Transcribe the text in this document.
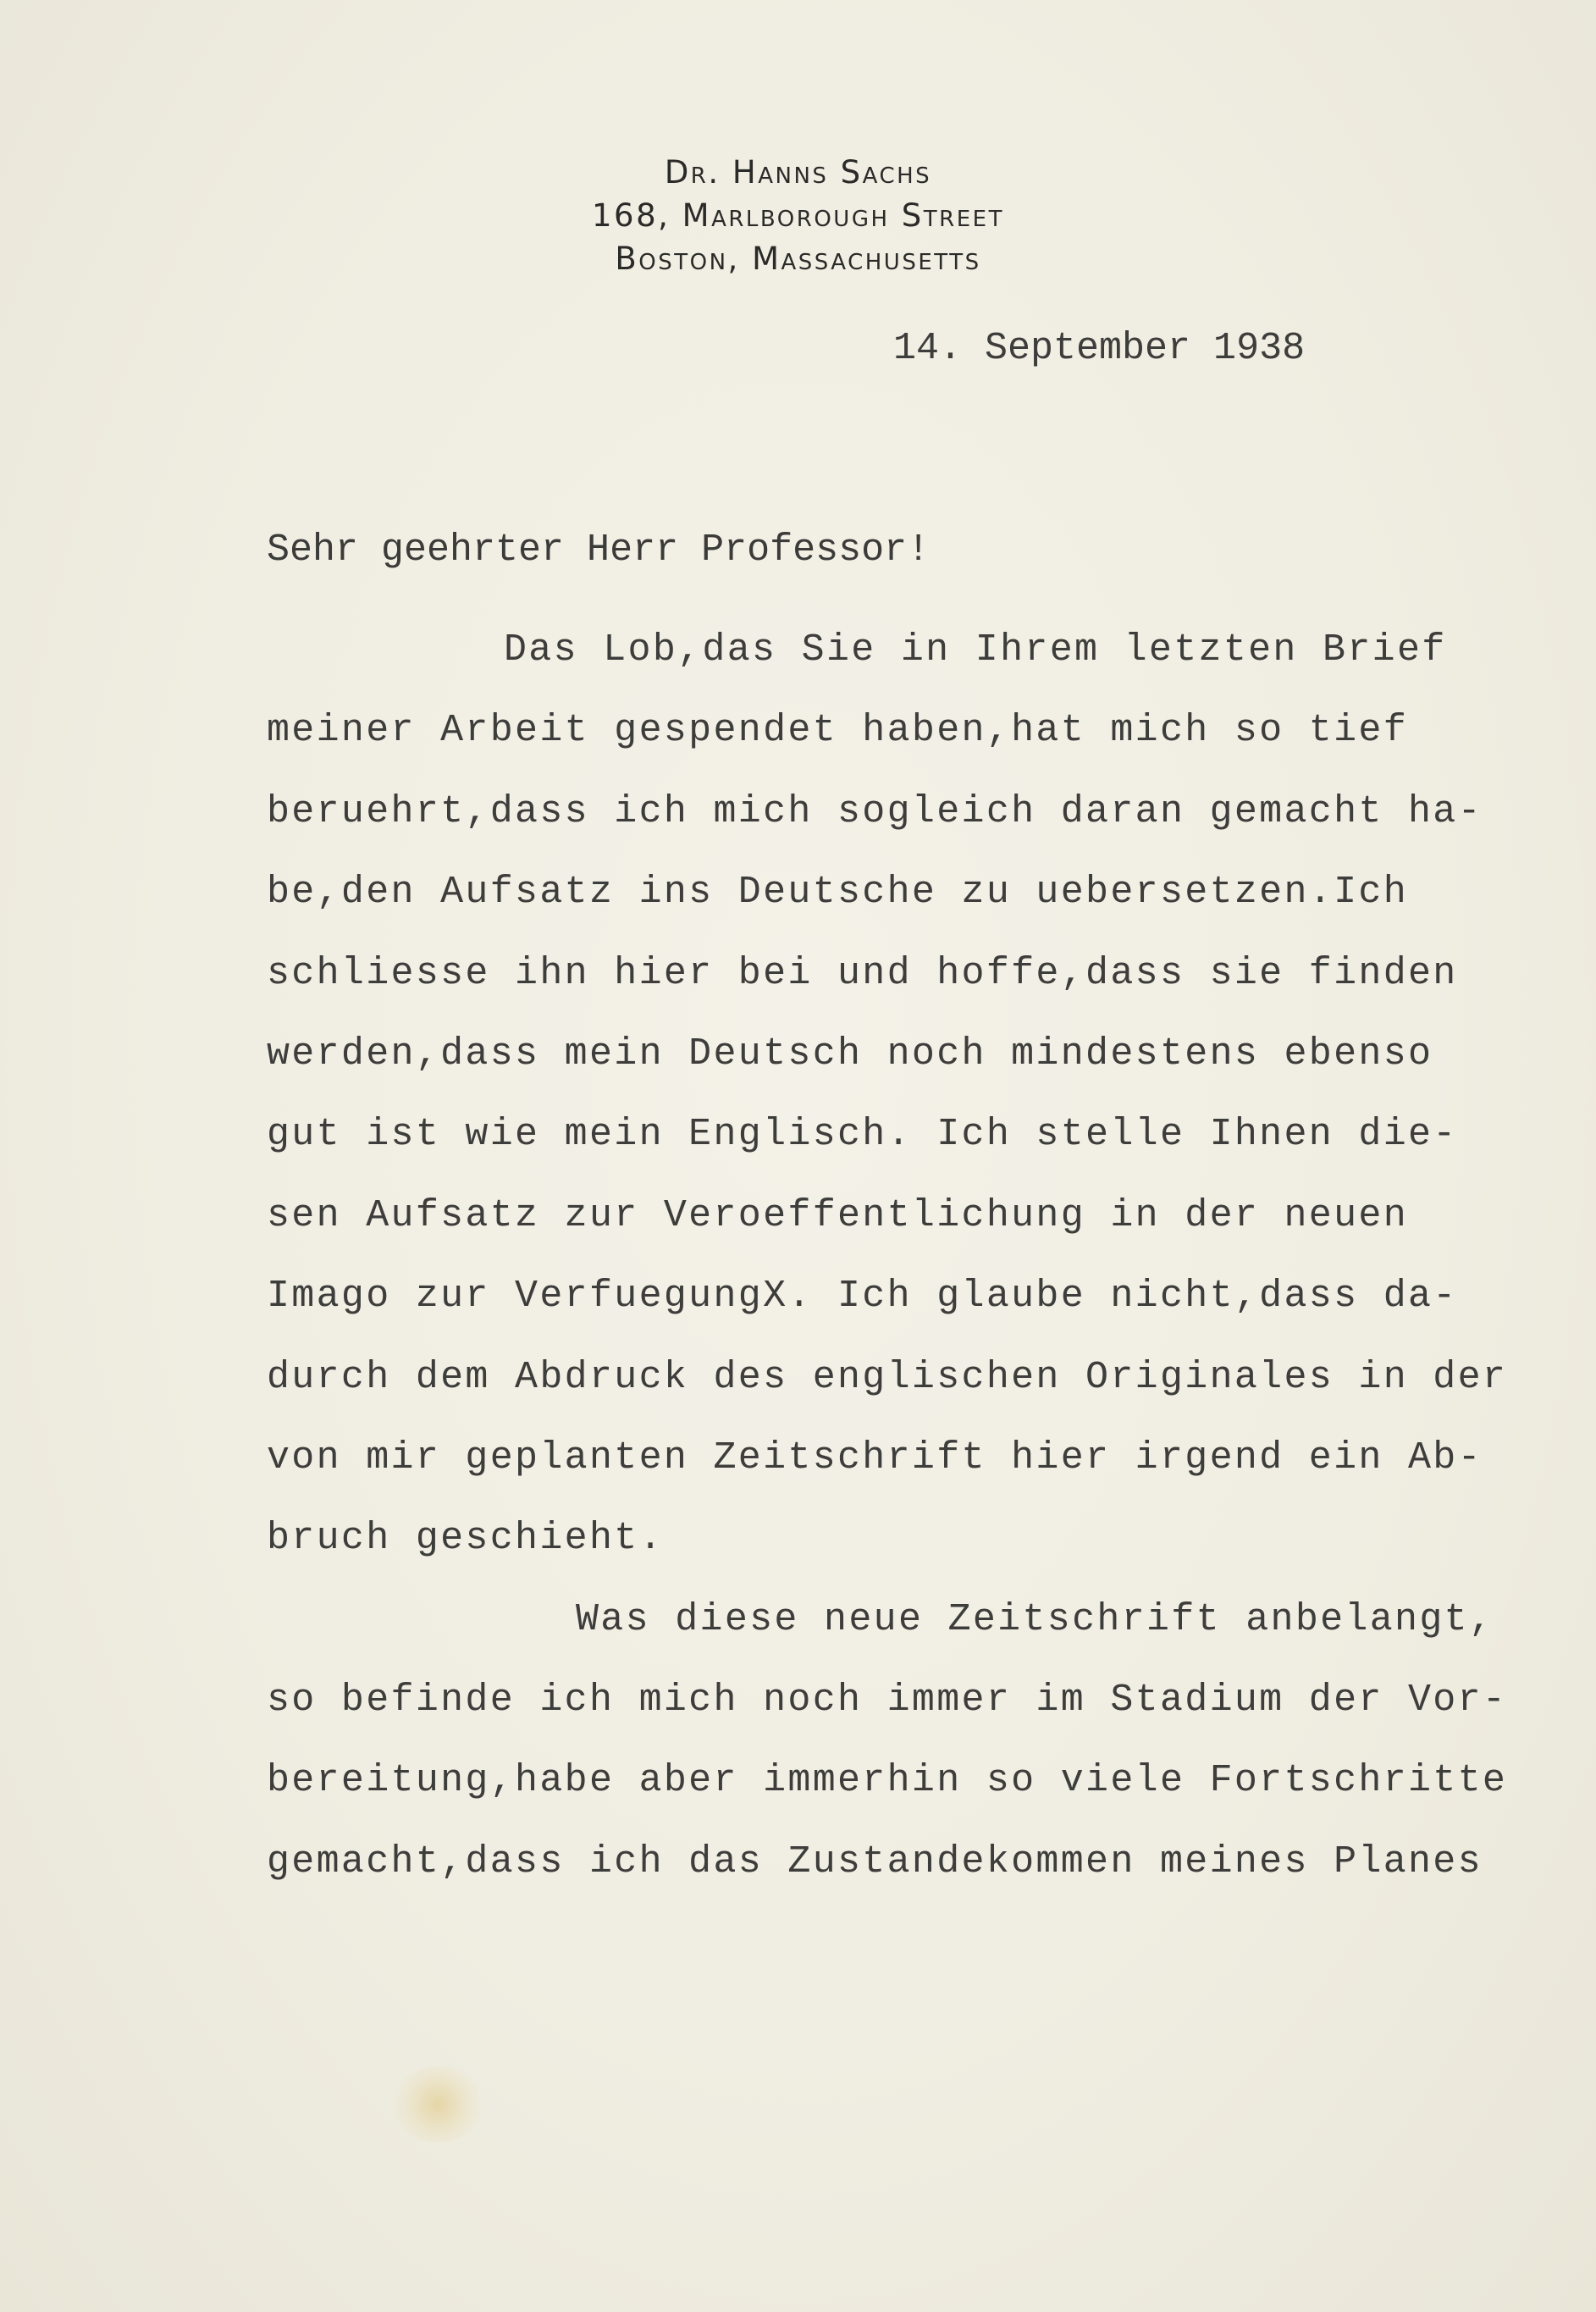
Dr. Hanns Sachs
168, Marlborough Street
Boston, Massachusetts
14. September 1938
Sehr geehrter Herr Professor!
Das Lob,das Sie in Ihrem letzten Brief
meiner Arbeit gespendet haben,hat mich so tief
beruehrt,dass ich mich sogleich daran gemacht ha-
be,den Aufsatz ins Deutsche zu uebersetzen.Ich
schliesse ihn hier bei und hoffe,dass sie finden
werden,dass mein Deutsch noch mindestens ebenso
gut ist wie mein Englisch. Ich stelle Ihnen die-
sen Aufsatz zur Veroeffentlichung in der neuen
Imago zur VerfuegungX. Ich glaube nicht,dass da-
durch dem Abdruck des englischen Originales in der
von mir geplanten Zeitschrift hier irgend ein Ab-
bruch geschieht.
Was diese neue Zeitschrift anbelangt,
so befinde ich mich noch immer im Stadium der Vor-
bereitung,habe aber immerhin so viele Fortschritte
gemacht,dass ich das Zustandekommen meines Planes
